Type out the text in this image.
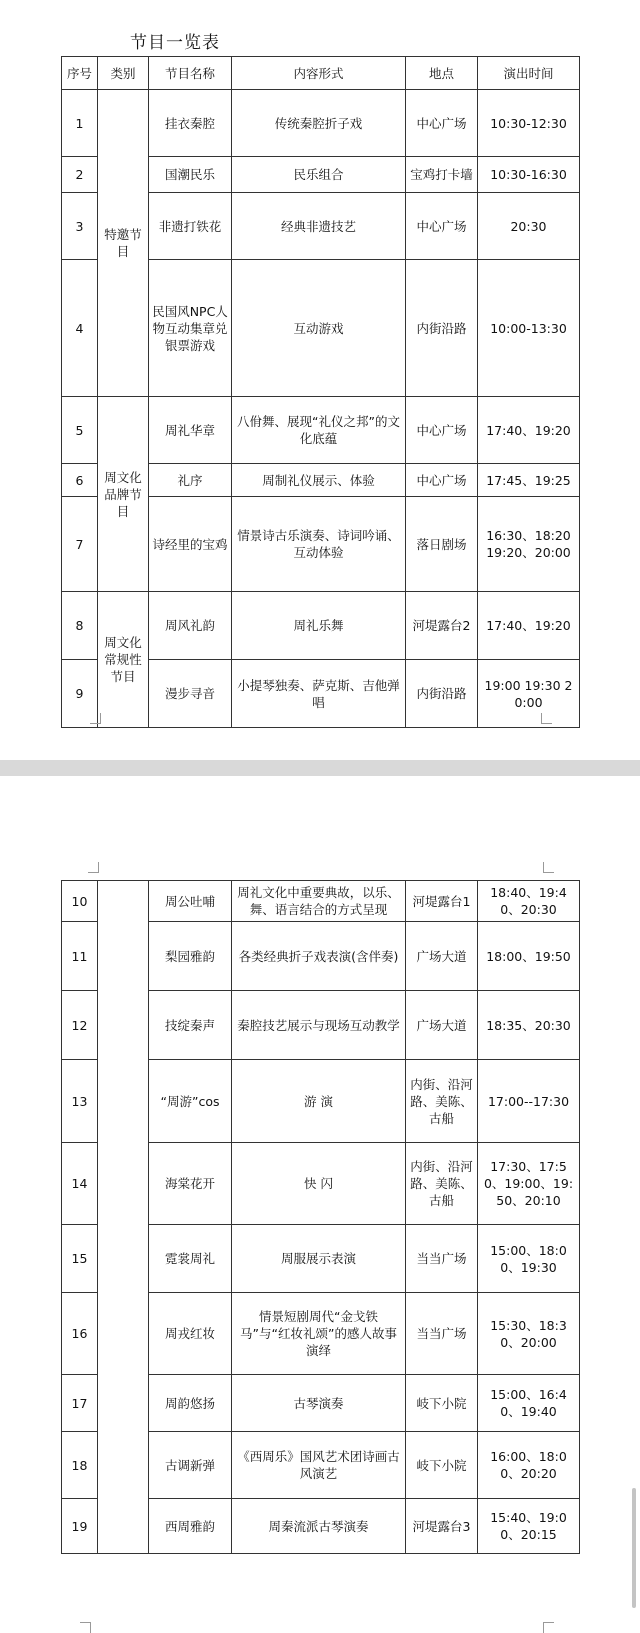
节目一览表
序号	类别	节目名称	内容形式	地点	演出时间
1	特邀节目	挂衣秦腔	传统秦腔折子戏	中心广场	10:30-12:30
2		国潮民乐	民乐组合	宝鸡打卡墙	10:30-16:30
3		非遗打铁花	经典非遗技艺	中心广场	20:30
4		民国风NPC人物互动集章兑银票游戏	互动游戏	内街沿路	10:00-13:30
5	周文化品牌节目	周礼华章	八佾舞、展现“礼仪之邦”的文化底蕴	中心广场	17:40、19:20
6		礼序	周制礼仪展示、体验	中心广场	17:45、19:25
7		诗经里的宝鸡	情景诗古乐演奏、诗词吟诵、互动体验	落日剧场	16:30、18:20 19:20、20:00
8	周文化常规性节目	周风礼韵	周礼乐舞	河堤露台2	17:40、19:20
9		漫步寻音	小提琴独奏、萨克斯、吉他弹唱	内街沿路	19:00 19:30 20:00
10		周公吐哺	周礼文化中重要典故，以乐、舞、语言结合的方式呈现	河堤露台1	18:40、19:40、20:30
11		梨园雅韵	各类经典折子戏表演(含伴奏)	广场大道	18:00、19:50
12		技绽秦声	秦腔技艺展示与现场互动教学	广场大道	18:35、20:30
13		“周游”cos	游 演	内街、沿河路、美陈、古船	17:00--17:30
14		海棠花开	快 闪	内街、沿河路、美陈、古船	17:30、17:50、19:00、19:50、20:10
15		霓裳周礼	周服展示表演	当当广场	15:00、18:00、19:30
16		周戎红妆	情景短剧周代“金戈铁马”与“红妆礼颂”的感人故事演绎	当当广场	15:30、18:30、20:00
17		周韵悠扬	古琴演奏	岐下小院	15:00、16:40、19:40
18		古调新弹	《西周乐》国风艺术团诗画古风演艺	岐下小院	16:00、18:00、20:20
19		西周雅韵	周秦流派古琴演奏	河堤露台3	15:40、19:00、20:15
